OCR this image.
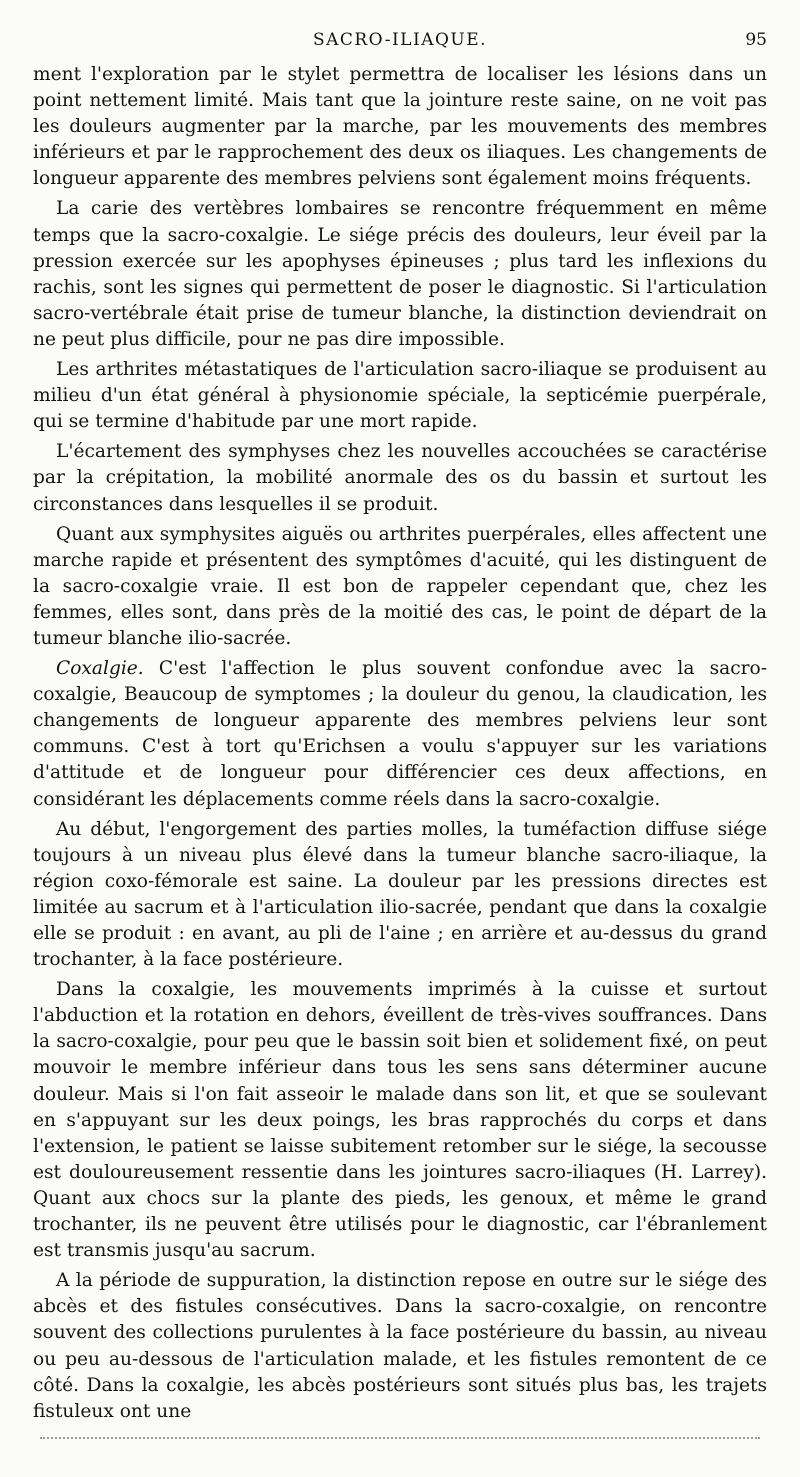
SACRO-ILIAQUE.	95

ment l'exploration par le stylet permettra de localiser les lésions dans un point nettement limité. Mais tant que la jointure reste saine, on ne voit pas les douleurs augmenter par la marche, par les mouvements des membres inférieurs et par le rapprochement des deux os iliaques. Les changements de longueur apparente des membres pelviens sont également moins fréquents.

La carie des vertèbres lombaires se rencontre fréquemment en même temps que la sacro-coxalgie. Le siége précis des douleurs, leur éveil par la pression exercée sur les apophyses épineuses ; plus tard les inflexions du rachis, sont les signes qui permettent de poser le diagnostic. Si l'articulation sacro-vertébrale était prise de tumeur blanche, la distinction deviendrait on ne peut plus difficile, pour ne pas dire impossible.

Les arthrites métastatiques de l'articulation sacro-iliaque se produisent au milieu d'un état général à physionomie spéciale, la septicémie puerpérale, qui se termine d'habitude par une mort rapide.

L'écartement des symphyses chez les nouvelles accouchées se caractérise par la crépitation, la mobilité anormale des os du bassin et surtout les circonstances dans lesquelles il se produit.

Quant aux symphysites aiguës ou arthrites puerpérales, elles affectent une marche rapide et présentent des symptômes d'acuité, qui les distinguent de la sacro-coxalgie vraie. Il est bon de rappeler cependant que, chez les femmes, elles sont, dans près de la moitié des cas, le point de départ de la tumeur blanche ilio-sacrée.

Coxalgie. C'est l'affection le plus souvent confondue avec la sacro-coxalgie, Beaucoup de symptomes ; la douleur du genou, la claudication, les changements de longueur apparente des membres pelviens leur sont communs. C'est à tort qu'Erichsen a voulu s'appuyer sur les variations d'attitude et de longueur pour différencier ces deux affections, en considérant les déplacements comme réels dans la sacro-coxalgie.

Au début, l'engorgement des parties molles, la tuméfaction diffuse siége toujours à un niveau plus élevé dans la tumeur blanche sacro-iliaque, la région coxo-fémorale est saine. La douleur par les pressions directes est limitée au sacrum et à l'articulation ilio-sacrée, pendant que dans la coxalgie elle se produit : en avant, au pli de l'aine ; en arrière et au-dessus du grand trochanter, à la face postérieure.

Dans la coxalgie, les mouvements imprimés à la cuisse et surtout l'abduction et la rotation en dehors, éveillent de très-vives souffrances. Dans la sacro-coxalgie, pour peu que le bassin soit bien et solidement fixé, on peut mouvoir le membre inférieur dans tous les sens sans déterminer aucune douleur. Mais si l'on fait asseoir le malade dans son lit, et que se soulevant en s'appuyant sur les deux poings, les bras rapprochés du corps et dans l'extension, le patient se laisse subitement retomber sur le siége, la secousse est douloureusement ressentie dans les jointures sacro-iliaques (H. Larrey). Quant aux chocs sur la plante des pieds, les genoux, et même le grand trochanter, ils ne peuvent être utilisés pour le diagnostic, car l'ébranlement est transmis jusqu'au sacrum.

A la période de suppuration, la distinction repose en outre sur le siége des abcès et des fistules consécutives. Dans la sacro-coxalgie, on rencontre souvent des collections purulentes à la face postérieure du bassin, au niveau ou peu au-dessous de l'articulation malade, et les fistules remontent de ce côté. Dans la coxalgie, les abcès postérieurs sont situés plus bas, les trajets fistuleux ont une
